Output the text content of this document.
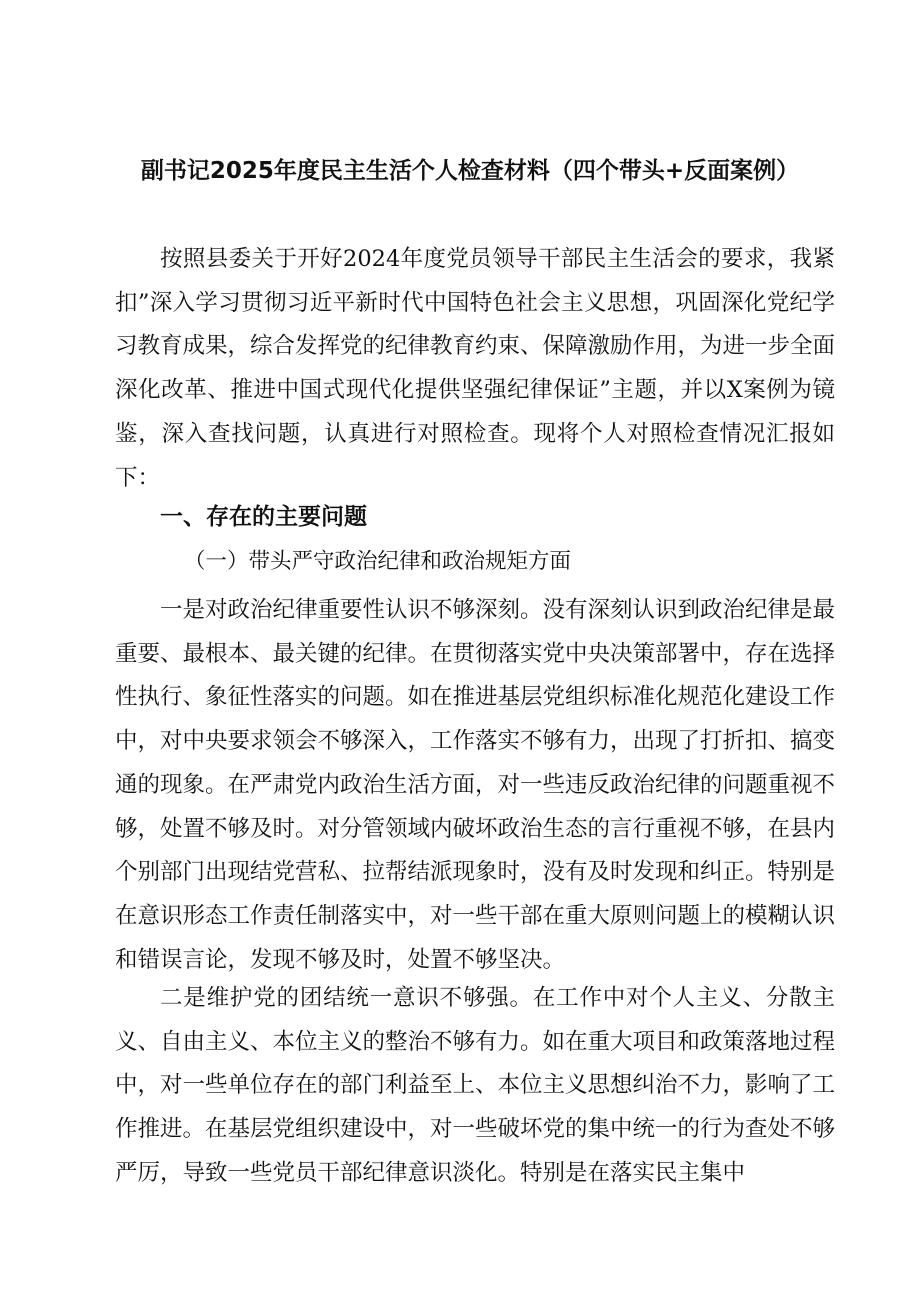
副书记2025年度民主生活个人检查材料（四个带头+反面案例）
按照县委关于开好2024年度党员领导干部民主生活会的要求，我紧扣”深入学习贯彻习近平新时代中国特色社会主义思想，巩固深化党纪学习教育成果，综合发挥党的纪律教育约束、保障激励作用，为进一步全面深化改革、推进中国式现代化提供坚强纪律保证”主题，并以X案例为镜鉴，深入查找问题，认真进行对照检查。现将个人对照检查情况汇报如下：
一、存在的主要问题
（一）带头严守政治纪律和政治规矩方面
一是对政治纪律重要性认识不够深刻。没有深刻认识到政治纪律是最重要、最根本、最关键的纪律。在贯彻落实党中央决策部署中，存在选择性执行、象征性落实的问题。如在推进基层党组织标准化规范化建设工作中，对中央要求领会不够深入，工作落实不够有力，出现了打折扣、搞变通的现象。在严肃党内政治生活方面，对一些违反政治纪律的问题重视不够，处置不够及时。对分管领域内破坏政治生态的言行重视不够，在县内个别部门出现结党营私、拉帮结派现象时，没有及时发现和纠正。特别是在意识形态工作责任制落实中，对一些干部在重大原则问题上的模糊认识和错误言论，发现不够及时，处置不够坚决。
二是维护党的团结统一意识不够强。在工作中对个人主义、分散主义、自由主义、本位主义的整治不够有力。如在重大项目和政策落地过程中，对一些单位存在的部门利益至上、本位主义思想纠治不力，影响了工作推进。在基层党组织建设中，对一些破坏党的集中统一的行为查处不够严厉，导致一些党员干部纪律意识淡化。特别是在落实民主集中
